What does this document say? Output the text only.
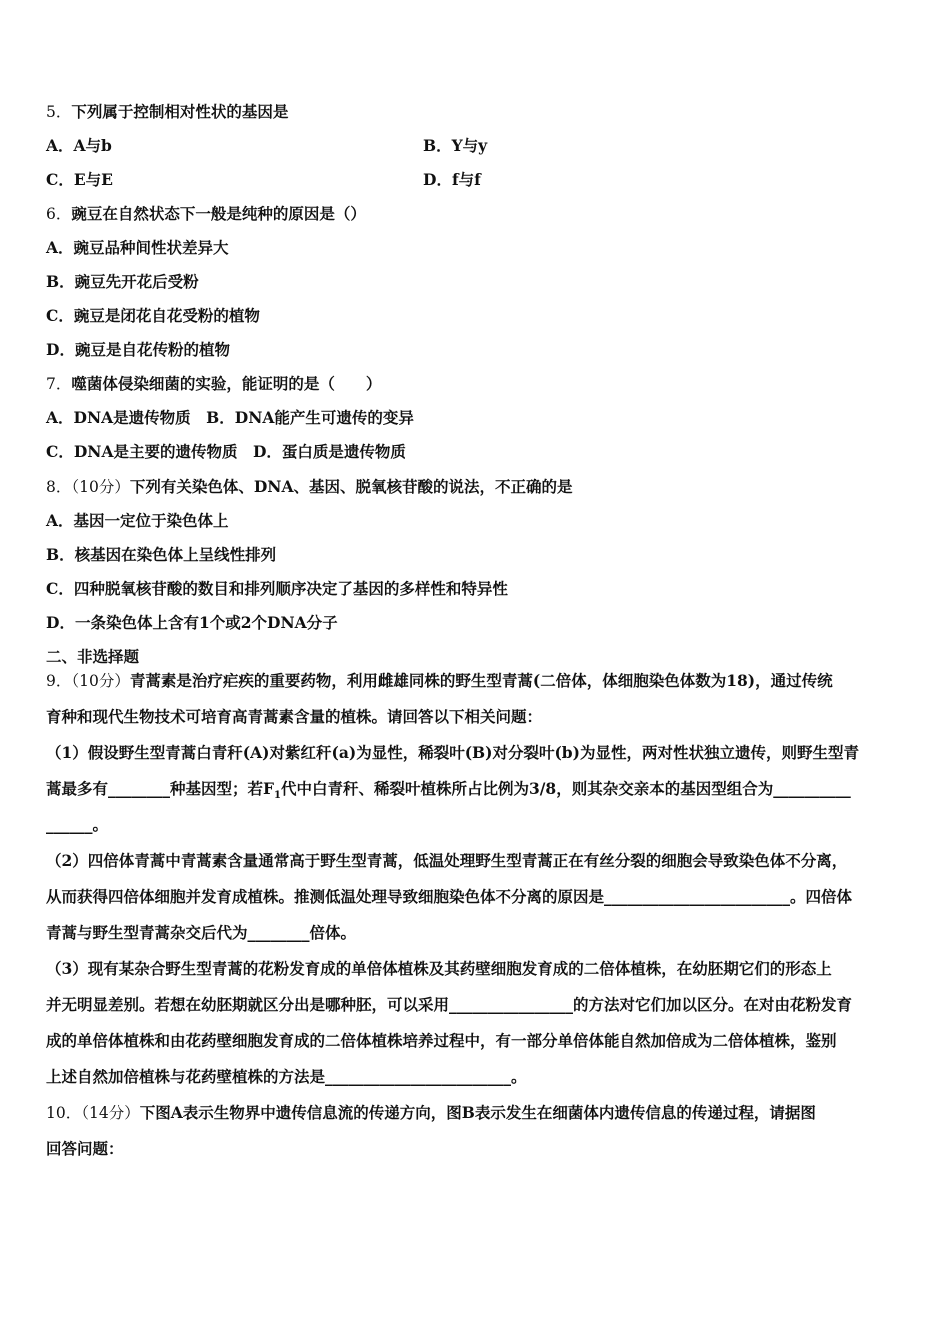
5．下列属于控制相对性状的基因是
A．A与b	B．Y与y
C．E与E	D．f与f
6．豌豆在自然状态下一般是纯种的原因是（）
A．豌豆品种间性状差异大
B．豌豆先开花后受粉
C．豌豆是闭花自花受粉的植物
D．豌豆是自花传粉的植物
7．噬菌体侵染细菌的实验，能证明的是（　　）
A．DNA是遗传物质　B．DNA能产生可遗传的变异
C．DNA是主要的遗传物质　D．蛋白质是遗传物质
8．（10分）下列有关染色体、DNA、基因、脱氧核苷酸的说法，不正确的是
A．基因一定位于染色体上
B．核基因在染色体上呈线性排列
C．四种脱氧核苷酸的数目和排列顺序决定了基因的多样性和特异性
D．一条染色体上含有1个或2个DNA分子
二、非选择题
9．（10分）青蒿素是治疗疟疾的重要药物，利用雌雄同株的野生型青蒿(二倍体，体细胞染色体数为18)，通过传统
育种和现代生物技术可培育高青蒿素含量的植株。请回答以下相关问题：
（1）假设野生型青蒿白青秆(A)对紫红秆(a)为显性，稀裂叶(B)对分裂叶(b)为显性，两对性状独立遗传，则野生型青
蒿最多有________种基因型；若$F_1$代中白青秆、稀裂叶植株所占比例为3/8，则其杂交亲本的基因型组合为__________
______。
（2）四倍体青蒿中青蒿素含量通常高于野生型青蒿，低温处理野生型青蒿正在有丝分裂的细胞会导致染色体不分离，
从而获得四倍体细胞并发育成植株。推测低温处理导致细胞染色体不分离的原因是________________________。四倍体
青蒿与野生型青蒿杂交后代为________倍体。
（3）现有某杂合野生型青蒿的花粉发育成的单倍体植株及其药壁细胞发育成的二倍体植株，在幼胚期它们的形态上
并无明显差别。若想在幼胚期就区分出是哪种胚，可以采用________________的方法对它们加以区分。在对由花粉发育
成的单倍体植株和由花药壁细胞发育成的二倍体植株培养过程中，有一部分单倍体能自然加倍成为二倍体植株，鉴别
上述自然加倍植株与花药壁植株的方法是________________________。
10．（14分）下图A表示生物界中遗传信息流的传递方向，图B表示发生在细菌体内遗传信息的传递过程，请据图
回答问题：
